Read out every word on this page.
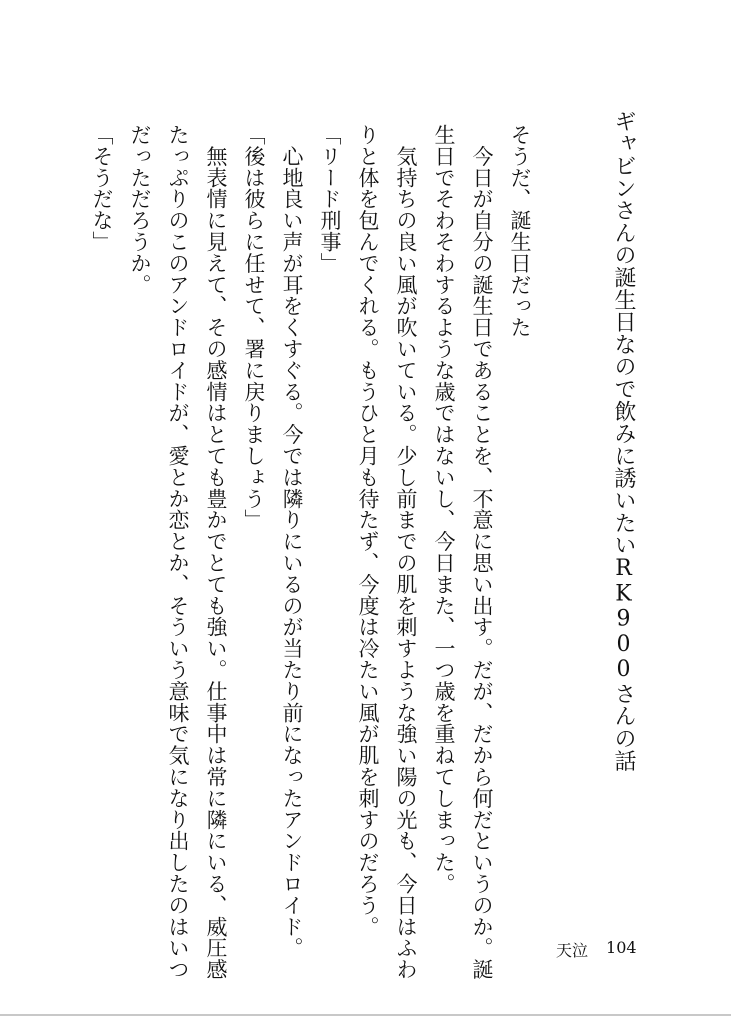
ギャビンさんの誕生日なので飲みに誘いたいRK900さんの話
そうだ、誕生日だった
　今日が自分の誕生日であることを、不意に思い出す。だが、だから何だというのか。誕
生日でそわそわするような歳ではないし、今日また、一つ歳を重ねてしまった。
　気持ちの良い風が吹いている。少し前までの肌を刺すような強い陽の光も、今日はふわ
りと体を包んでくれる。もうひと月も待たず、今度は冷たい風が肌を刺すのだろう。
「リード刑事」
　心地良い声が耳をくすぐる。今では隣りにいるのが当たり前になったアンドロイド。
「後は彼らに任せて、署に戻りましょう」
　無表情に見えて、その感情はとても豊かでとても強い。仕事中は常に隣にいる、威圧感
たっぷりのこのアンドロイドが、愛とか恋とか、そういう意味で気になり出したのはいつ
だっただろうか。
「そうだな」
天泣 104
